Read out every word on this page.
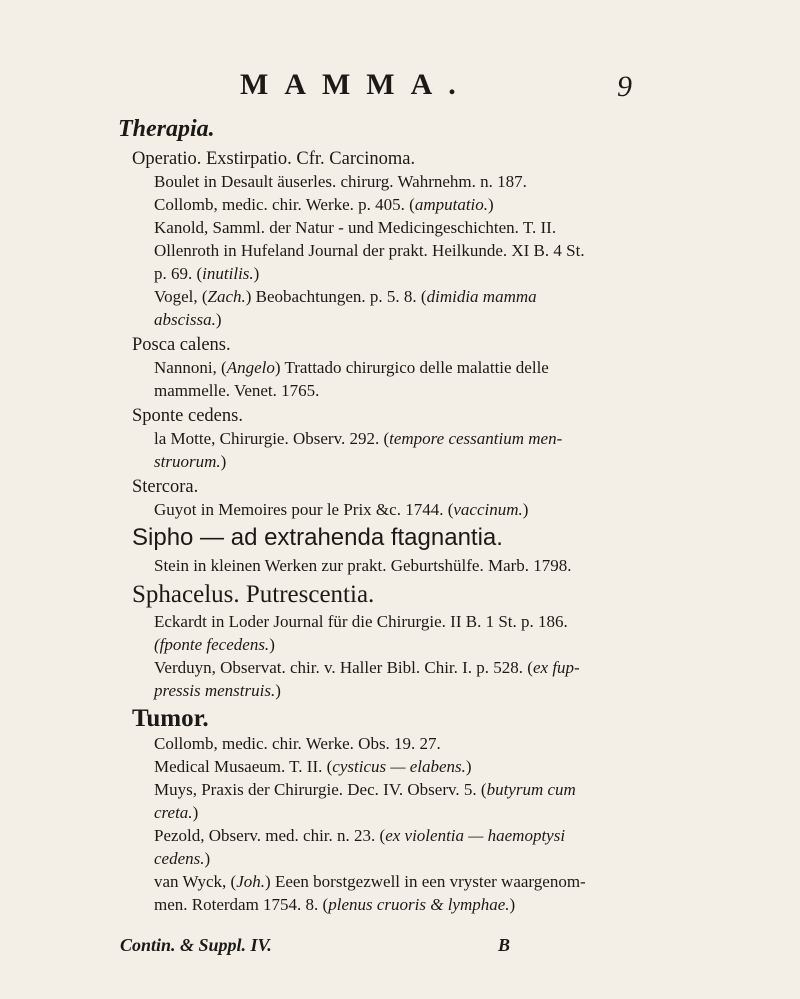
MAMMA.	9
Therapia.
Operatio. Exstirpatio. Cfr. Carcinoma.
Boulet in Desault äuserles. chirurg. Wahrnehm. n. 187.
Collomb, medic. chir. Werke. p. 405. (amputatio.)
Kanold, Samml. der Natur - und Medicingeschichten. T. II.
Ollenroth in Hufeland Journal der prakt. Heilkunde. XI B. 4 St.
p. 69. (inutilis.)
Vogel, (Zach.) Beobachtungen. p. 5. 8. (dimidia mamma
abscissa.)
Posca calens.
Nannoni, (Angelo) Trattado chirurgico delle malattie delle
mammelle. Venet. 1765.
Sponte cedens.
la Motte, Chirurgie. Observ. 292. (tempore cessantium men-
struorum.)
Stercora.
Guyot in Memoires pour le Prix &c. 1744. (vaccinum.)
Sipho — ad extrahenda ftagnantia.
Stein in kleinen Werken zur prakt. Geburtshülfe. Marb. 1798.
Sphacelus. Putrescentia.
Eckardt in Loder Journal für die Chirurgie. II B. 1 St. p. 186.
(fponte fecedens.)
Verduyn, Observat. chir. v. Haller Bibl. Chir. I. p. 528. (ex fup-
pressis menstruis.)
Tumor.
Collomb, medic. chir. Werke. Obs. 19. 27.
Medical Musaeum. T. II. (cysticus — elabens.)
Muys, Praxis der Chirurgie. Dec. IV. Observ. 5. (butyrum cum
creta.)
Pezold, Observ. med. chir. n. 23. (ex violentia — haemoptysi
cedens.)
van Wyck, (Joh.) Eeen borstgezwell in een vryster waargenom-
men. Roterdam 1754. 8. (plenus cruoris & lymphae.)
Contin. & Suppl. IV.	B
